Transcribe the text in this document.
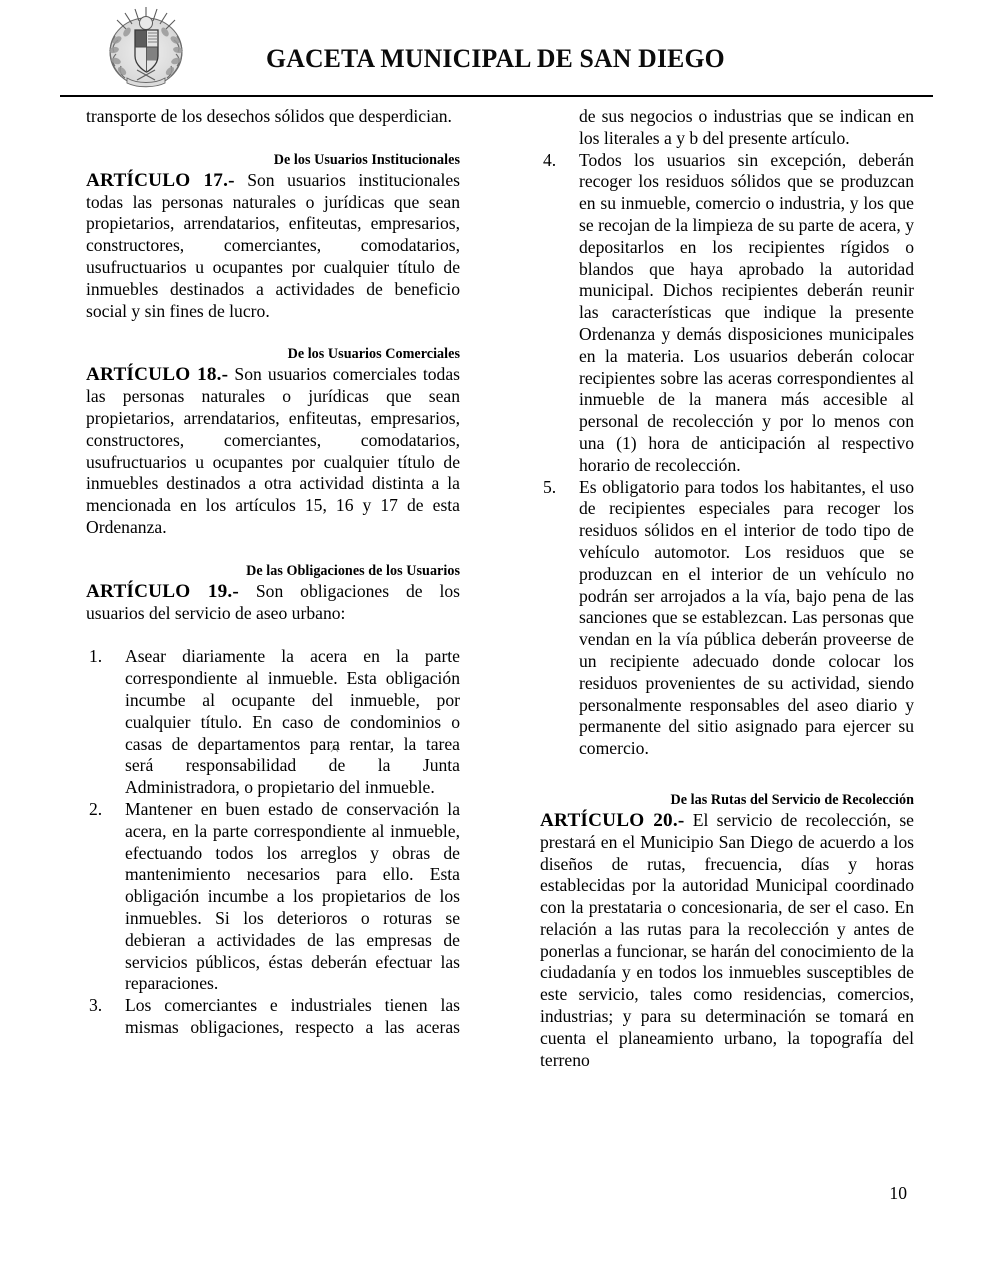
GACETA MUNICIPAL DE SAN DIEGO

transporte de los desechos sólidos que desperdician.

De los Usuarios Institucionales

ARTÍCULO 17.- Son usuarios institucionales todas las personas naturales o jurídicas que sean propietarios, arrendatarios, enfiteutas, empresarios, constructores, comerciantes, comodatarios, usufructuarios u ocupantes por cualquier título de inmuebles destinados a actividades de beneficio social y sin fines de lucro.

De los Usuarios Comerciales

ARTÍCULO 18.- Son usuarios comerciales todas las personas naturales o jurídicas que sean propietarios, arrendatarios, enfiteutas, empresarios, constructores, comerciantes, comodatarios, usufructuarios u ocupantes por cualquier título de inmuebles destinados a otra actividad distinta a la mencionada en los artículos 15, 16 y 17 de esta Ordenanza.

De las Obligaciones de los Usuarios

ARTÍCULO 19.- Son obligaciones de los usuarios del servicio de aseo urbano:

1.	Asear diariamente la acera en la parte correspondiente al inmueble. Esta obligación incumbe al ocupante del inmueble, por cualquier título. En caso de condominios o casas de departamentos para rentar, la tarea será responsabilidad de la Junta Administradora, o propietario del inmueble.
2.	Mantener en buen estado de conservación la acera, en la parte correspondiente al inmueble, efectuando todos los arreglos y obras de mantenimiento necesarios para ello. Esta obligación incumbe a los propietarios de los inmuebles. Si los deterioros o roturas se debieran a actividades de las empresas de servicios públicos, éstas deberán efectuar las reparaciones.
3.	Los comerciantes e industriales tienen las mismas obligaciones, respecto a las aceras
de sus negocios o industrias que se indican en los literales a y b del presente artículo.
4.	Todos los usuarios sin excepción, deberán recoger los residuos sólidos que se produzcan en su inmueble, comercio o industria, y los que se recojan de la limpieza de su parte de acera, y depositarlos en los recipientes rígidos o blandos que haya aprobado la autoridad municipal. Dichos recipientes deberán reunir las características que indique la presente Ordenanza y demás disposiciones municipales en la materia. Los usuarios deberán colocar recipientes sobre las aceras correspondientes al inmueble de la manera más accesible al personal de recolección y por lo menos con una (1) hora de anticipación al respectivo horario de recolección.
5.	Es obligatorio para todos los habitantes, el uso de recipientes especiales para recoger los residuos sólidos en el interior de todo tipo de vehículo automotor. Los residuos que se produzcan en el interior de un vehículo no podrán ser arrojados a la vía, bajo pena de las sanciones que se establezcan. Las personas que vendan en la vía pública deberán proveerse de un recipiente adecuado donde colocar los residuos provenientes de su actividad, siendo personalmente responsables del aseo diario y permanente del sitio asignado para ejercer su comercio.
De las Rutas del Servicio de Recolección

ARTÍCULO 20.- El servicio de recolección, se prestará en el Municipio San Diego de acuerdo a los diseños de rutas, frecuencia, días y horas establecidas por la autoridad Municipal coordinado con la prestataria o concesionaria, de ser el caso. En relación a las rutas para la recolección y antes de ponerlas a funcionar, se harán del conocimiento de la ciudadanía y en todos los inmuebles susceptibles de este servicio, tales como residencias, comercios, industrias; y para su determinación se tomará en cuenta el planeamiento urbano, la topografía del terreno

10
